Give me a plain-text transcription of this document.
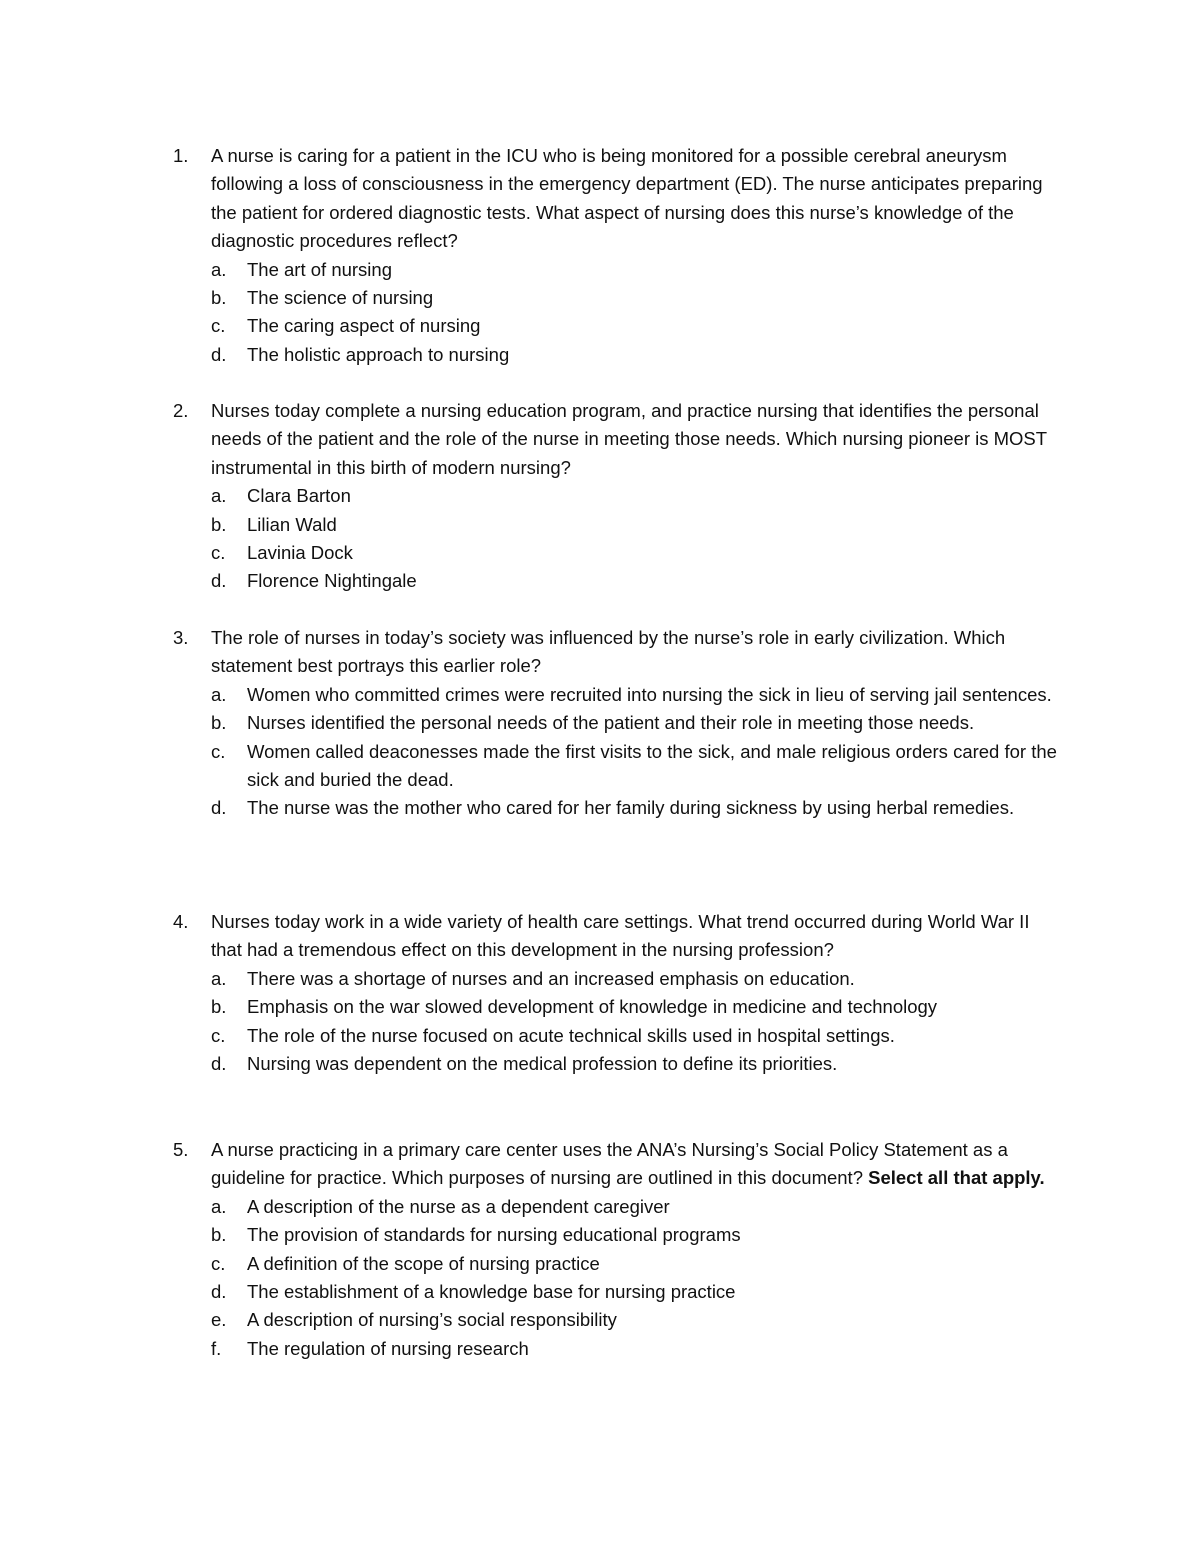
1.	A nurse is caring for a patient in the ICU who is being monitored for a possible cerebral aneurysm following a loss of consciousness in the emergency department (ED). The nurse anticipates preparing the patient for ordered diagnostic tests. What aspect of nursing does this nurse’s knowledge of the diagnostic procedures reflect?
a.	The art of nursing
b.	The science of nursing
c.	The caring aspect of nursing
d.	The holistic approach to nursing
2.	Nurses today complete a nursing education program, and practice nursing that identifies the personal needs of the patient and the role of the nurse in meeting those needs. Which nursing pioneer is MOST instrumental in this birth of modern nursing?
a.	Clara Barton
b.	Lilian Wald
c.	Lavinia Dock
d.	Florence Nightingale
3.	The role of nurses in today’s society was influenced by the nurse’s role in early civilization. Which statement best portrays this earlier role?
a.	Women who committed crimes were recruited into nursing the sick in lieu of serving jail sentences.
b.	Nurses identified the personal needs of the patient and their role in meeting those needs.
c.	Women called deaconesses made the first visits to the sick, and male religious orders cared for the sick and buried the dead.
d.	The nurse was the mother who cared for her family during sickness by using herbal remedies.
4.	Nurses today work in a wide variety of health care settings. What trend occurred during World War II that had a tremendous effect on this development in the nursing profession?
a.	There was a shortage of nurses and an increased emphasis on education.
b.	Emphasis on the war slowed development of knowledge in medicine and technology
c.	The role of the nurse focused on acute technical skills used in hospital settings.
d.	Nursing was dependent on the medical profession to define its priorities.
5.	A nurse practicing in a primary care center uses the ANA’s Nursing’s Social Policy Statement as a guideline for practice. Which purposes of nursing are outlined in this document? Select all that apply.
a.	A description of the nurse as a dependent caregiver
b.	The provision of standards for nursing educational programs
c.	A definition of the scope of nursing practice
d.	The establishment of a knowledge base for nursing practice
e.	A description of nursing’s social responsibility
f.	The regulation of nursing research
